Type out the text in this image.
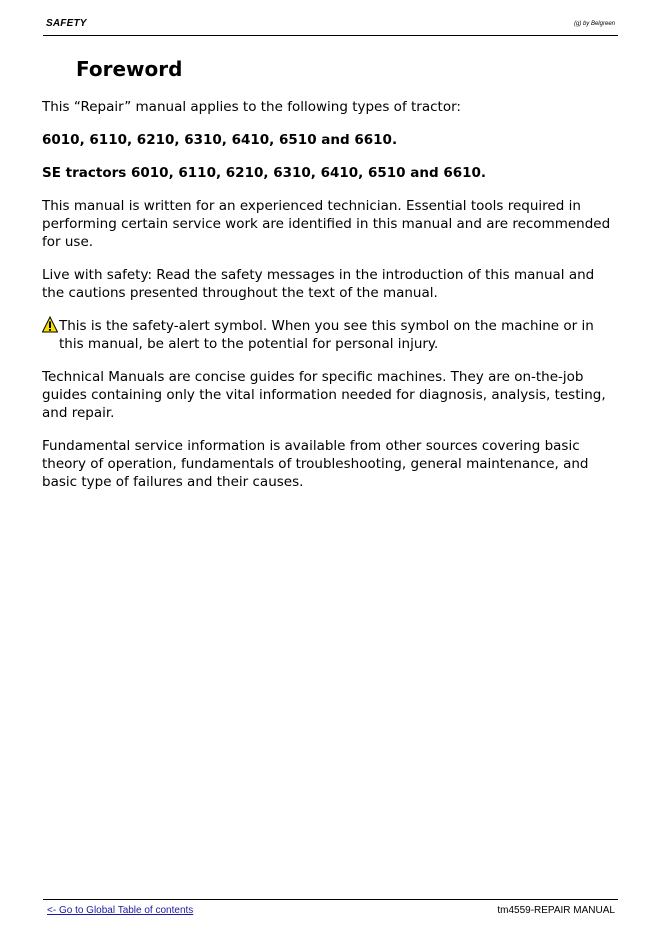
SAFETY	(g) by Belgreen
Foreword

This “Repair” manual applies to the following types of tractor:

6010, 6110, 6210, 6310, 6410, 6510 and 6610.

SE tractors 6010, 6110, 6210, 6310, 6410, 6510 and 6610.

This manual is written for an experienced technician. Essential tools required in performing certain service work are identified in this manual and are recommended for use.

Live with safety: Read the safety messages in the introduction of this manual and the cautions presented throughout the text of the manual.

This is the safety-alert symbol. When you see this symbol on the machine or in this manual, be alert to the potential for personal injury.

Technical Manuals are concise guides for specific machines. They are on-the-job guides containing only the vital information needed for diagnosis, analysis, testing, and repair.

Fundamental service information is available from other sources covering basic theory of operation, fundamentals of troubleshooting, general maintenance, and basic type of failures and their causes.

<- Go to Global Table of contents	tm4559-REPAIR MANUAL
